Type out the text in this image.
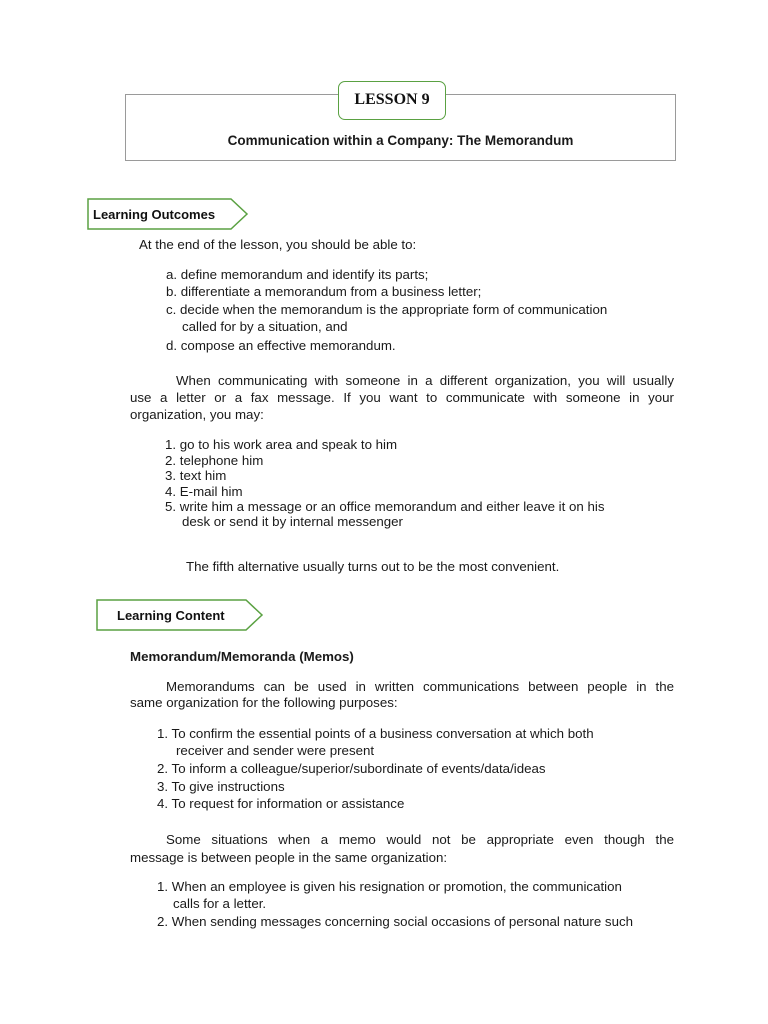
LESSON 9
Communication within a Company: The Memorandum
Learning Outcomes
At the end of the lesson, you should be able to:
a. define memorandum and identify its parts;
b. differentiate a memorandum from a business letter;
c. decide when the memorandum is the appropriate form of communication
called for by a situation, and
d. compose an effective memorandum.
When communicating with someone in a different organization, you will usually
use a letter or a fax message. If you want to communicate with someone in your
organization, you may:
1. go to his work area and speak to him
2. telephone him
3. text him
4. E-mail him
5. write him a message or an office memorandum and either leave it on his
desk or send it by internal messenger
The fifth alternative usually turns out to be the most convenient.
Learning Content
Memorandum/Memoranda (Memos)
Memorandums can be used in written communications between people in the
same organization for the following purposes:
1. To confirm the essential points of a business conversation at which both
receiver and sender were present
2. To inform a colleague/superior/subordinate of events/data/ideas
3. To give instructions
4. To request for information or assistance
Some situations when a memo would not be appropriate even though the
message is between people in the same organization:
1. When an employee is given his resignation or promotion, the communication
calls for a letter.
2. When sending messages concerning social occasions of personal nature such
